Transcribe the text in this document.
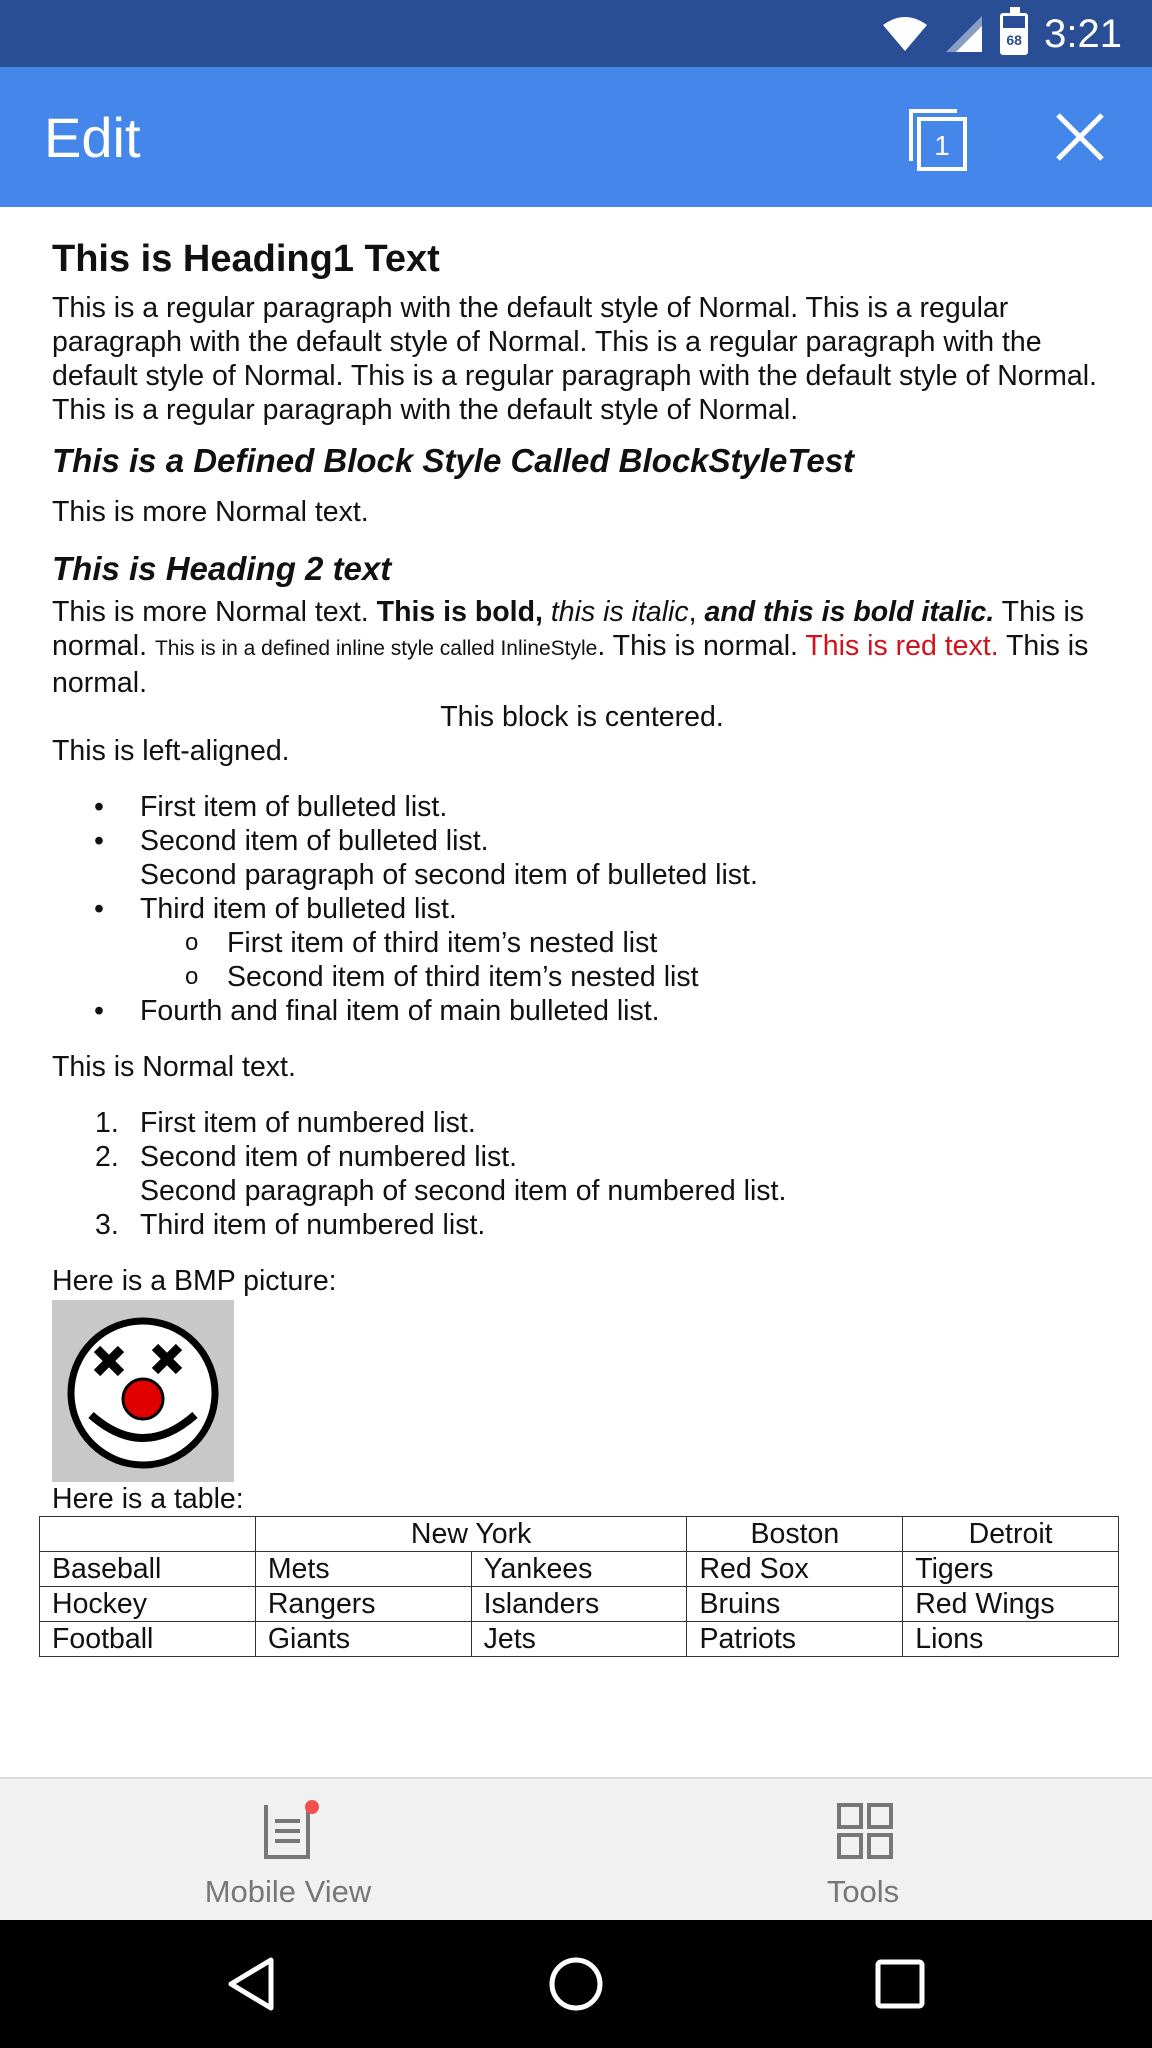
68 3:21
Edit	1
This is Heading1 Text

This is a regular paragraph with the default style of Normal. This is a regular paragraph with the default style of Normal. This is a regular paragraph with the default style of Normal. This is a regular paragraph with the default style of Normal. This is a regular paragraph with the default style of Normal.

This is a Defined Block Style Called BlockStyleTest

This is more Normal text.

This is Heading 2 text

This is more Normal text. This is bold, this is italic, and this is bold italic. This is normal. This is in a defined inline style called InlineStyle. This is normal. This is red text. This is normal.

This block is centered.

This is left-aligned.

• First item of bulleted list.
• Second item of bulleted list.
Second paragraph of second item of bulleted list.
• Third item of bulleted list.
o First item of third item’s nested list
o Second item of third item’s nested list
• Fourth and final item of main bulleted list.

This is Normal text.

1. First item of numbered list.
2. Second item of numbered list.
Second paragraph of second item of numbered list.
3. Third item of numbered list.

Here is a BMP picture:

Here is a table:

	New York		Boston	Detroit
Baseball	Mets	Yankees	Red Sox	Tigers
Hockey	Rangers	Islanders	Bruins	Red Wings
Football	Giants	Jets	Patriots	Lions
Mobile View	Tools
